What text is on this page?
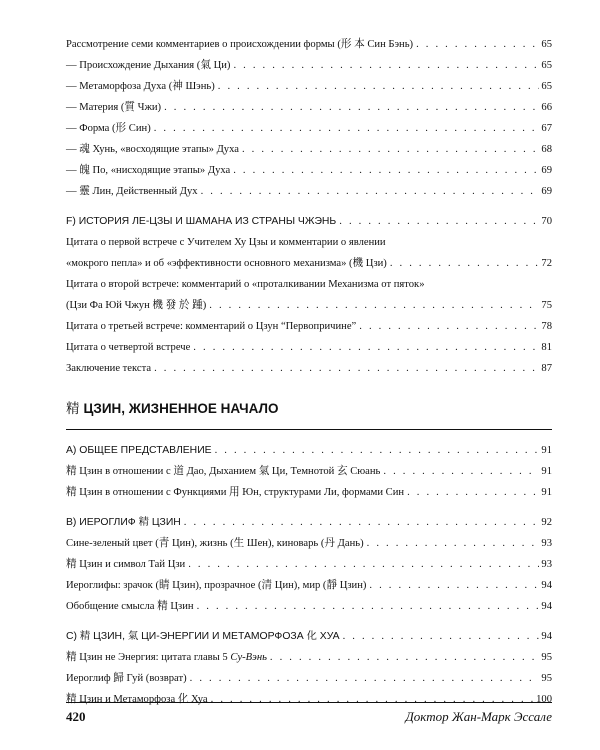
Рассмотрение семи комментариев о происхождении формы (形 本 Син Бэнь) . . .	65
— Происхождение Дыхания (氣 Ци) . . .	65
— Метаморфоза Духа (神 Шэнь) . . .	65
— Материя (質 Чжи) . . .	66
— Форма (形 Син) . . .	67
— 魂 Хунь, «восходящие этапы» Духа . . .	68
— 魄 По, «нисходящие этапы» Духа . . .	69
— 靈 Лин, Действенный Дух . . .	69
F) ИСТОРИЯ ЛЕ-ЦЗЫ И ШАМАНА ИЗ СТРАНЫ ЧЖЭНЬ . . .	70
Цитата о первой встрече с Учителем Ху Цзы и комментарии о явлении
«мокрого пепла» и об «эффективности основного механизма» (機 Цзи) . . .	72
Цитата о второй встрече: комментарий о «проталкивании Механизма от пяток»
(Цзи Фа Юй Чжун 機 發 於 踵) . . .	75
Цитата о третьей встрече: комментарий о Цзун “Первопричине” . . .	78
Цитата о четвертой встрече . . .	81
Заключение текста . . .	87
精 ЦЗИН, ЖИЗНЕННОЕ НАЧАЛО
A) ОБЩЕЕ ПРЕДСТАВЛЕНИЕ . . .	91
精 Цзин в отношении с 道 Дао, Дыханием 氣 Ци, Темнотой 玄 Сюань . . .	91
精 Цзин в отношении с Функциями 用 Юн, структурами Ли, формами Син . . .	91
B) ИЕРОГЛИФ 精 ЦЗИН . . .	92
Сине-зеленый цвет (青 Цин), жизнь (生 Шен), киноварь (丹 Дань) . . .	93
精 Цзин и символ Тай Цзи . . .	93
Иероглифы: зрачок (睛 Цзин), прозрачное (清 Цин), мир (靜 Цзин) . . .	94
Обобщение смысла 精 Цзин . . .	94
C) 精 ЦЗИН, 氣 ЦИ-ЭНЕРГИИ И МЕТАМОРФОЗА 化 ХУА . . .	94
精 Цзин не Энергия: цитата главы 5 Су-Вэнь . . .	95
Иероглиф 歸 Гуй (возврат) . . .	95
精 Цзин и Метаморфоза 化 Хуа . . .	100
420	Доктор Жан-Марк Эссале
